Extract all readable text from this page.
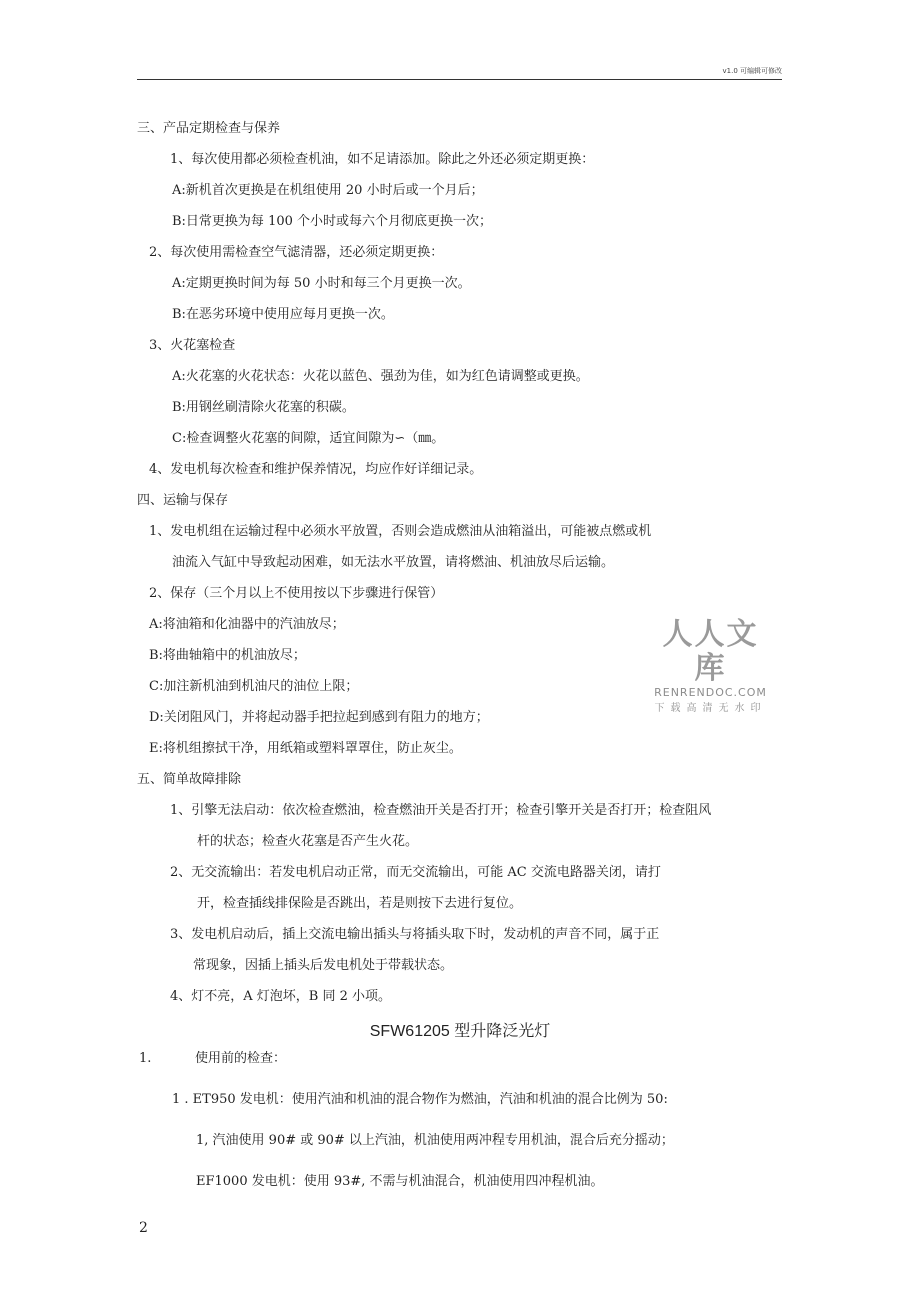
v1.0 可编辑可修改
三、产品定期检查与保养
1、每次使用都必须检查机油，如不足请添加。除此之外还必须定期更换：
A:新机首次更换是在机组使用 20 小时后或一个月后；
B:日常更换为每 100 个小时或每六个月彻底更换一次；
2、每次使用需检查空气滤清器，还必须定期更换：
A:定期更换时间为每 50 小时和每三个月更换一次。
B:在恶劣环境中使用应每月更换一次。
3、火花塞检查
A:火花塞的火花状态：火花以蓝色、强劲为佳，如为红色请调整或更换。
B:用钢丝刷清除火花塞的积碳。
C:检查调整火花塞的间隙，适宜间隙为∽（㎜。
4、发电机每次检查和维护保养情况，均应作好详细记录。
四、运输与保存
1、发电机组在运输过程中必须水平放置，否则会造成燃油从油箱溢出，可能被点燃或机
油流入气缸中导致起动困难，如无法水平放置，请将燃油、机油放尽后运输。
2、保存（三个月以上不使用按以下步骤进行保管）
A:将油箱和化油器中的汽油放尽；
B:将曲轴箱中的机油放尽；
C:加注新机油到机油尺的油位上限；
D:关闭阻风门，并将起动器手把拉起到感到有阻力的地方；
E:将机组擦拭干净，用纸箱或塑料罩罩住，防止灰尘。
五、简单故障排除
1、引擎无法启动：依次检查燃油，检查燃油开关是否打开；检查引擎开关是否打开；检查阻风
杆的状态；检查火花塞是否产生火花。
2、无交流输出：若发电机启动正常，而无交流输出，可能 AC 交流电路器关闭，请打
开，检查插线排保险是否跳出，若是则按下去进行复位。
3、发电机启动后，插上交流电输出插头与将插头取下时，发动机的声音不同，属于正
常现象，因插上插头后发电机处于带载状态。
4、灯不亮，A 灯泡坏，B 同 2 小项。
SFW61205 型升降泛光灯
1.	使用前的检查：
1 . ET950 发电机：使用汽油和机油的混合物作为燃油，汽油和机油的混合比例为 50:
1, 汽油使用 90# 或 90# 以上汽油，机油使用两冲程专用机油，混合后充分摇动；
EF1000 发电机：使用 93#, 不需与机油混合，机油使用四冲程机油。
2
人人文库
RENRENDOC.COM
下载高清无水印
